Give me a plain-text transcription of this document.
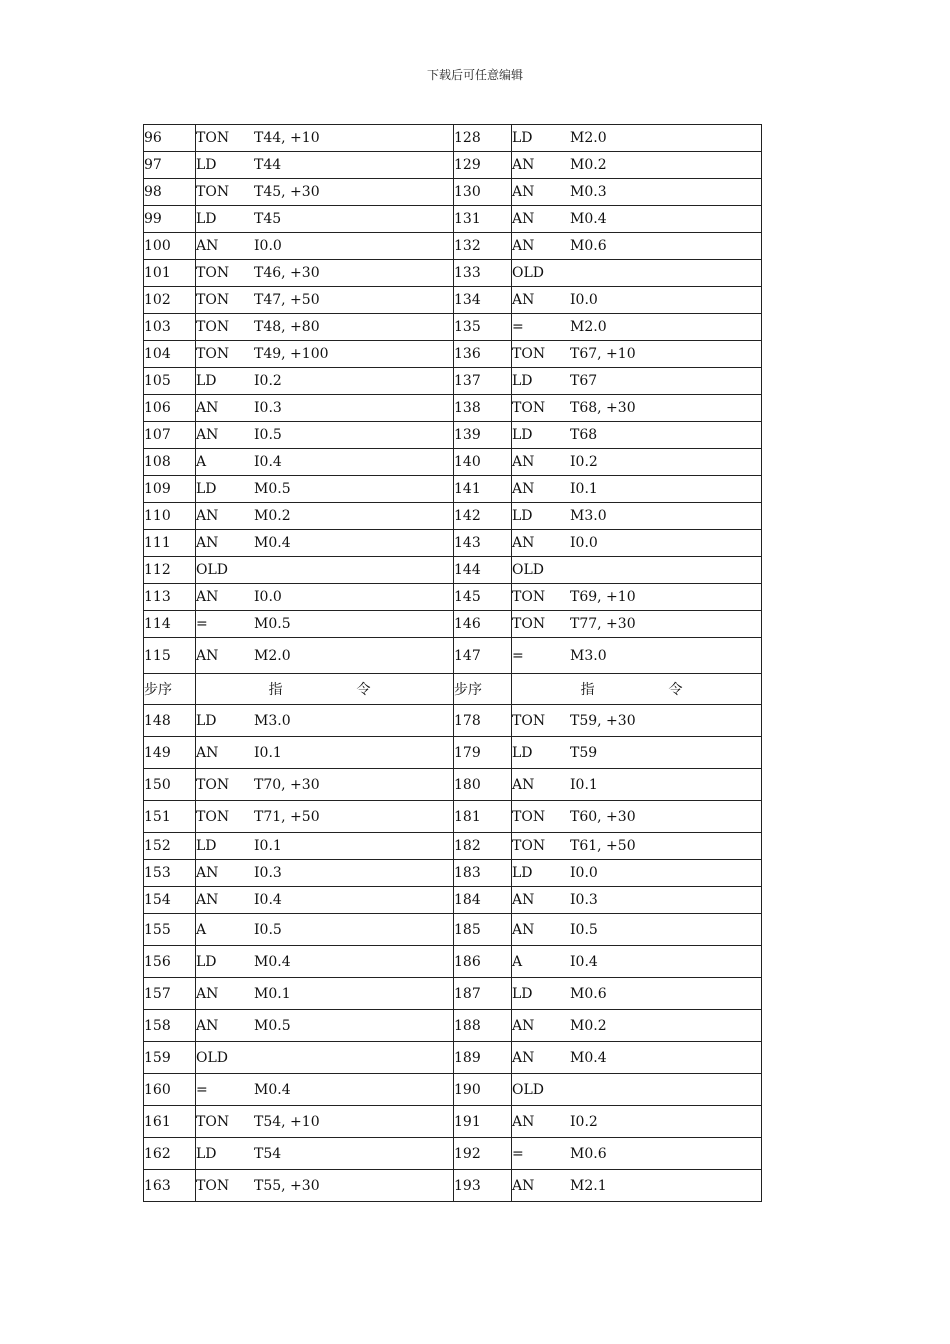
下载后可任意编辑
96	TON T44, +10	128	LD M2.0
97	LD T44	129	AN M0.2
98	TON T45, +30	130	AN M0.3
99	LD T45	131	AN M0.4
100	AN I0.0	132	AN M0.6
101	TON T46, +30	133	OLD
102	TON T47, +50	134	AN I0.0
103	TON T48, +80	135	= M2.0
104	TON T49, +100	136	TON T67, +10
105	LD I0.2	137	LD T67
106	AN I0.3	138	TON T68, +30
107	AN I0.5	139	LD T68
108	A I0.4	140	AN I0.2
109	LD M0.5	141	AN I0.1
110	AN M0.2	142	LD M3.0
111	AN M0.4	143	AN I0.0
112	OLD	144	OLD
113	AN I0.0	145	TON T69, +10
114	= M0.5	146	TON T77, +30
115	AN M2.0	147	= M3.0
步序	指　令	步序	指　令
148	LD M3.0	178	TON T59, +30
149	AN I0.1	179	LD T59
150	TON T70, +30	180	AN I0.1
151	TON T71, +50	181	TON T60, +30
152	LD I0.1	182	TON T61, +50
153	AN I0.3	183	LD I0.0
154	AN I0.4	184	AN I0.3
155	A I0.5	185	AN I0.5
156	LD M0.4	186	A I0.4
157	AN M0.1	187	LD M0.6
158	AN M0.5	188	AN M0.2
159	OLD	189	AN M0.4
160	= M0.4	190	OLD
161	TON T54, +10	191	AN I0.2
162	LD T54	192	= M0.6
163	TON T55, +30	193	AN M2.1
